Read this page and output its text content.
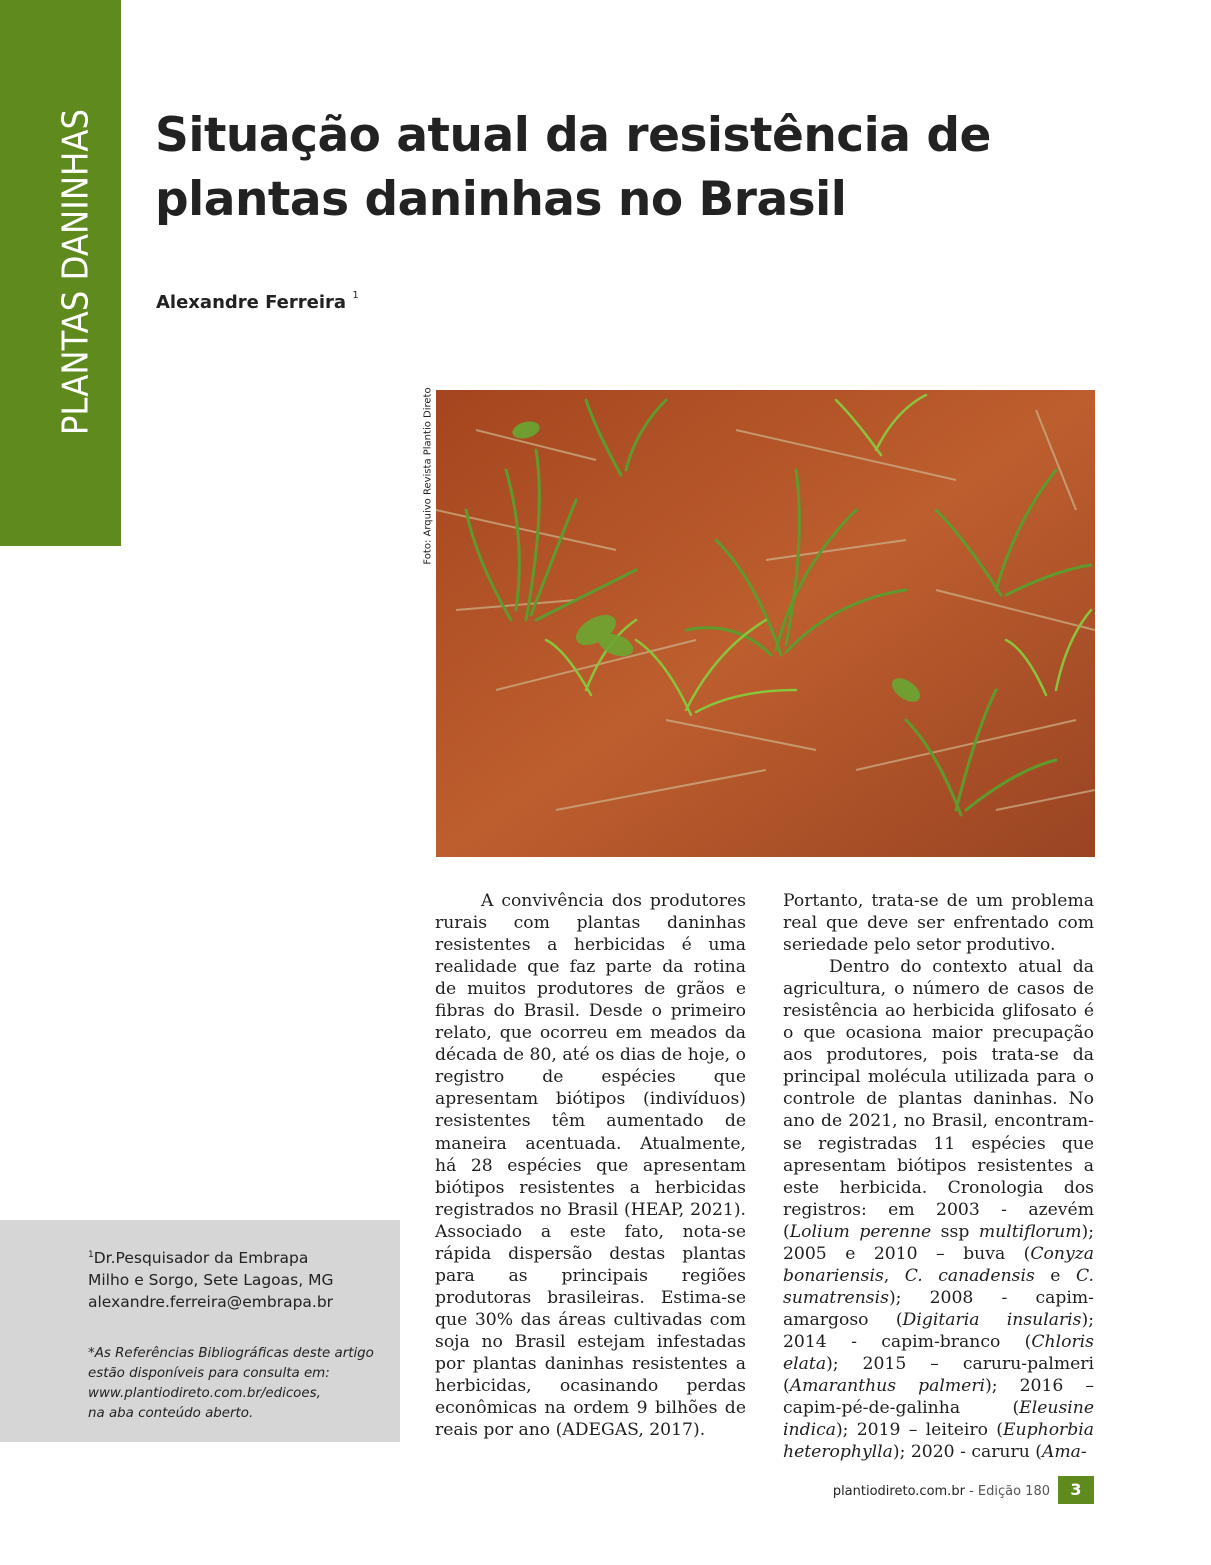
PLANTAS DANINHAS Situação atual da resistência de plantas daninhas no Brasil
Alexandre Ferreira $^1$
Foto: Arquivo Revista Plantio Direto

A convivência dos produtores rurais com plantas daninhas resistentes a herbicidas é uma realidade que faz parte da rotina de muitos produtores de grãos e fibras do Brasil. Desde o primeiro relato, que ocorreu em meados da década de 80, até os dias de hoje, o registro de espécies que apresentam biótipos (indivíduos) resistentes têm aumentado de maneira acentuada. Atualmente, há 28 espécies que apresentam biótipos resistentes a herbicidas registrados no Brasil (HEAP, 2021). Associado a este fato, nota-se rápida dispersão destas plantas para as principais regiões produtoras brasileiras. Estima-se que 30% das áreas cultivadas com soja no Brasil estejam infestadas por plantas daninhas resistentes a herbicidas, ocasinando perdas econômicas na ordem 9 bilhões de reais por ano (ADEGAS, 2017).

Portanto, trata-se de um problema real que deve ser enfrentado com seriedade pelo setor produtivo.

Dentro do contexto atual da agricultura, o número de casos de resistência ao herbicida glifosato é o que ocasiona maior precupação aos produtores, pois trata-se da principal molécula utilizada para o controle de plantas daninhas. No ano de 2021, no Brasil, encontram-se registradas 11 espécies que apresentam biótipos resistentes a este herbicida. Cronologia dos registros: em 2003 - azevém (Lolium perenne ssp multiflorum); 2005 e 2010 – buva (Conyza bonariensis, C. canadensis e C. sumatrensis); 2008 - capim-amargoso (Digitaria insularis); 2014 - capim-branco (Chloris elata); 2015 – caruru-palmeri (Amaranthus palmeri); 2016 – capim-pé-de-galinha (Eleusine indica); 2019 – leiteiro (Euphorbia heterophylla); 2020 - caruru (Ama-

$^1$Dr.Pesquisador da Embrapa
Milho e Sorgo, Sete Lagoas, MG
alexandre.ferreira@embrapa.br
*As Referências Bibliográficas deste artigo
estão disponíveis para consulta em:
www.plantiodireto.com.br/edicoes,
na aba conteúdo aberto.
plantiodireto.com.br - Edição 180	3
